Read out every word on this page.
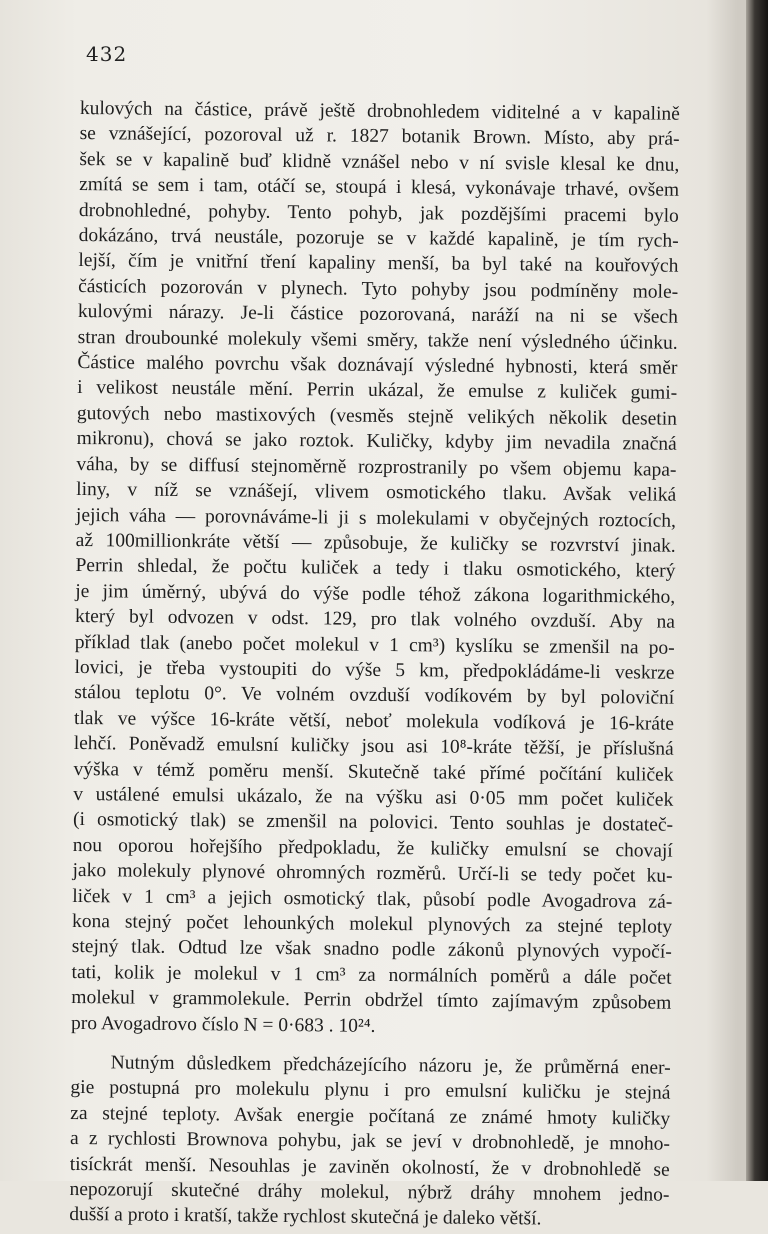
432
kulových na částice, právě ještě drobnohledem viditelné a v kapalině
se vznášející, pozoroval už r. 1827 botanik Brown. Místo, aby prá-
šek se v kapalině buď klidně vznášel nebo v ní svisle klesal ke dnu,
zmítá se sem i tam, otáčí se, stoupá i klesá, vykonávaje trhavé, ovšem
drobnohledné, pohyby. Tento pohyb, jak pozdějšími pracemi bylo
dokázáno, trvá neustále, pozoruje se v každé kapalině, je tím rych-
lejší, čím je vnitřní tření kapaliny menší, ba byl také na kouřových
částicích pozorován v plynech. Tyto pohyby jsou podmíněny mole-
kulovými nárazy. Je-li částice pozorovaná, naráží na ni se všech
stran droubounké molekuly všemi směry, takže není výsledného účinku.
Částice malého povrchu však doznávají výsledné hybnosti, která směr
i velikost neustále mění. Perrin ukázal, že emulse z kuliček gumi-
gutových nebo mastixových (vesměs stejně velikých několik desetin
mikronu), chová se jako roztok. Kuličky, kdyby jim nevadila značná
váha, by se diffusí stejnoměrně rozprostranily po všem objemu kapa-
liny, v níž se vznášejí, vlivem osmotického tlaku. Avšak veliká
jejich váha — porovnáváme-li ji s molekulami v obyčejných roztocích,
až 100millionkráte větší — způsobuje, že kuličky se rozvrství jinak.
Perrin shledal, že počtu kuliček a tedy i tlaku osmotického, který
je jim úměrný, ubývá do výše podle téhož zákona logarithmického,
který byl odvozen v odst. 129, pro tlak volného ovzduší. Aby na
příklad tlak (anebo počet molekul v 1 cm³) kyslíku se zmenšil na po-
lovici, je třeba vystoupiti do výše 5 km, předpokládáme-li veskrze
stálou teplotu 0°. Ve volném ovzduší vodíkovém by byl poloviční
tlak ve výšce 16-kráte větší, neboť molekula vodíková je 16-kráte
lehčí. Poněvadž emulsní kuličky jsou asi 10⁸-kráte těžší, je příslušná
výška v témž poměru menší. Skutečně také přímé počítání kuliček
v ustálené emulsi ukázalo, že na výšku asi 0·05 mm počet kuliček
(i osmotický tlak) se zmenšil na polovici. Tento souhlas je dostateč-
nou oporou hořejšího předpokladu, že kuličky emulsní se chovají
jako molekuly plynové ohromných rozměrů. Určí-li se tedy počet ku-
liček v 1 cm³ a jejich osmotický tlak, působí podle Avogadrova zá-
kona stejný počet lehounkých molekul plynových za stejné teploty
stejný tlak. Odtud lze však snadno podle zákonů plynových vypočí-
tati, kolik je molekul v 1 cm³ za normálních poměrů a dále počet
molekul v grammolekule. Perrin obdržel tímto zajímavým způsobem
pro Avogadrovo číslo N = 0·683 . 10²⁴.
Nutným důsledkem předcházejícího názoru je, že průměrná ener-
gie postupná pro molekulu plynu i pro emulsní kuličku je stejná
za stejné teploty. Avšak energie počítaná ze známé hmoty kuličky
a z rychlosti Brownova pohybu, jak se jeví v drobnohledě, je mnoho-
tisíckrát menší. Nesouhlas je zaviněn okolností, že v drobnohledě se
nepozorují skutečné dráhy molekul, nýbrž dráhy mnohem jedno-
dušší a proto i kratší, takže rychlost skutečná je daleko větší.
